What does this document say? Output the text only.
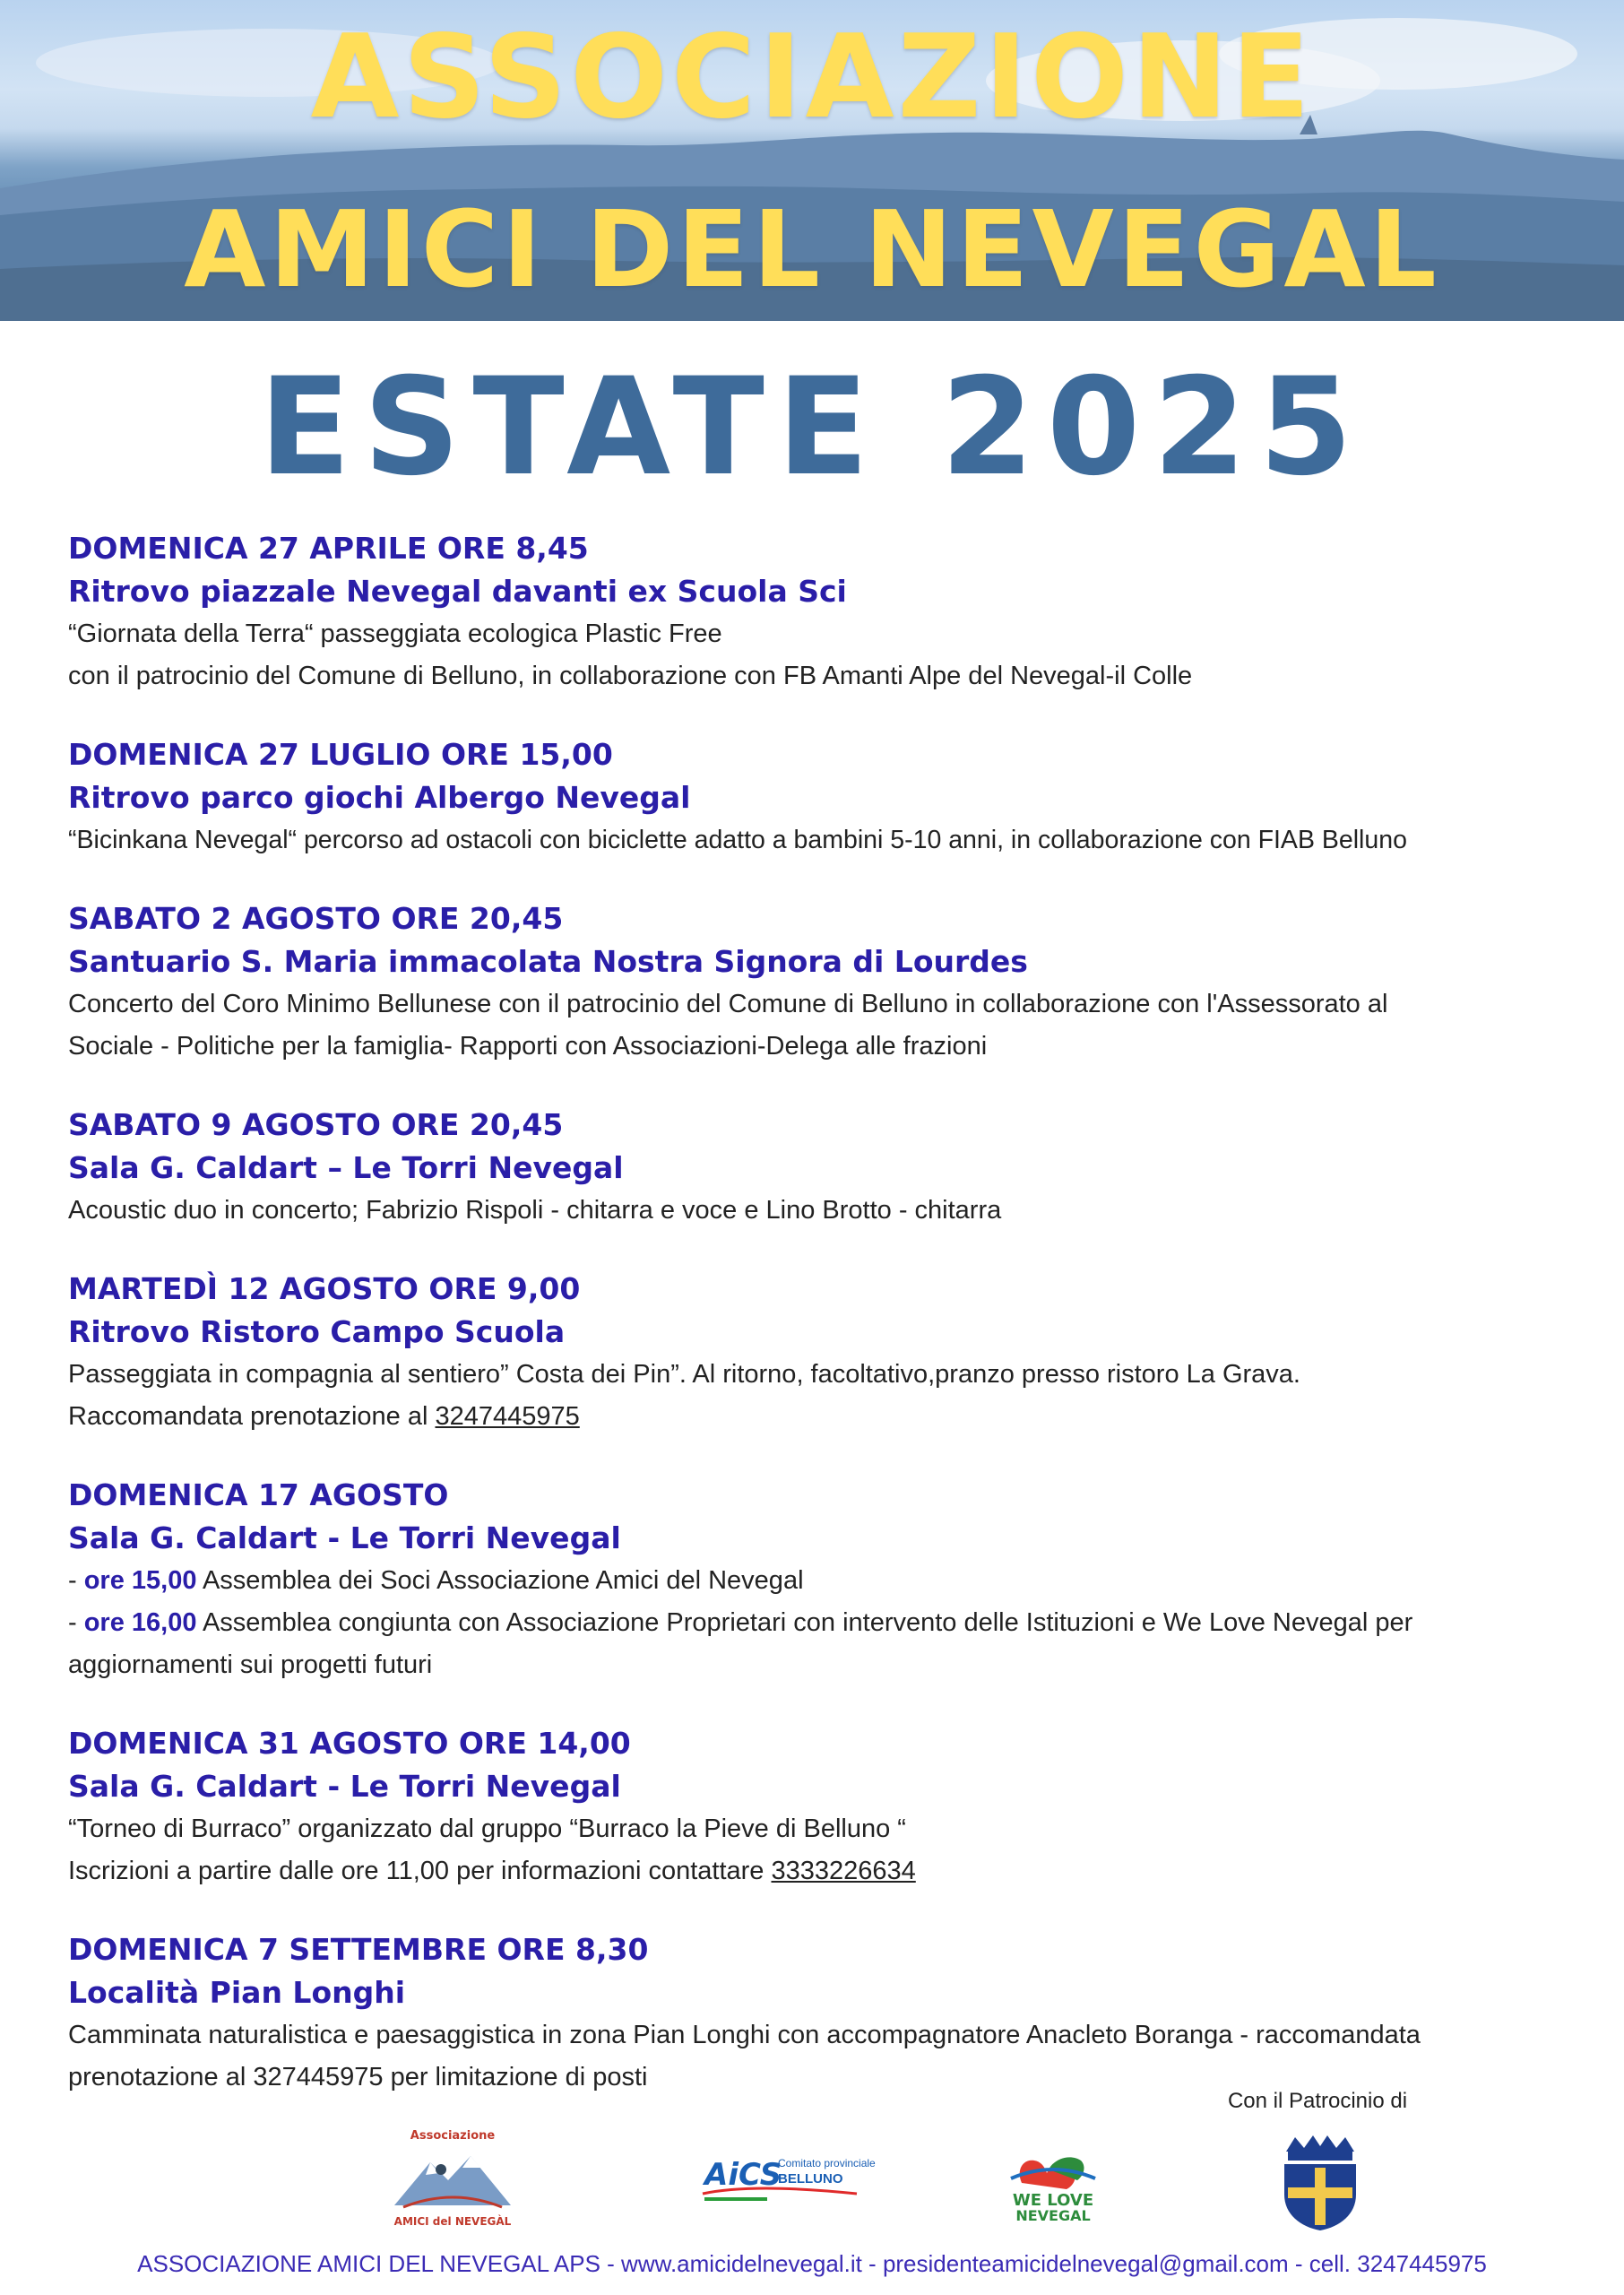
ASSOCIAZIONE
AMICI DEL NEVEGAL
ESTATE 2025
DOMENICA 27 APRILE ORE 8,45
Ritrovo piazzale Nevegal davanti ex Scuola Sci
“Giornata della Terra“ passeggiata ecologica Plastic Free
con il patrocinio del Comune di Belluno, in collaborazione con FB Amanti Alpe del Nevegal-il Colle
DOMENICA 27 LUGLIO ORE 15,00
Ritrovo parco giochi Albergo Nevegal
“Bicinkana Nevegal“ percorso ad ostacoli con biciclette adatto a bambini 5-10 anni, in collaborazione con FIAB Belluno
SABATO 2 AGOSTO ORE 20,45
Santuario S. Maria immacolata Nostra Signora di Lourdes
Concerto del Coro Minimo Bellunese con il patrocinio del Comune di Belluno in collaborazione con l'Assessorato al
Sociale - Politiche per la famiglia- Rapporti con Associazioni-Delega alle frazioni
SABATO 9 AGOSTO ORE 20,45
Sala G. Caldart – Le Torri Nevegal
Acoustic duo in concerto; Fabrizio Rispoli - chitarra e voce e Lino Brotto - chitarra
MARTEDÌ 12 AGOSTO ORE 9,00
Ritrovo Ristoro Campo Scuola
Passeggiata in compagnia al sentiero” Costa dei Pin”. Al ritorno, facoltativo,pranzo presso ristoro La Grava.
Raccomandata prenotazione al 3247445975
DOMENICA 17 AGOSTO
Sala G. Caldart - Le Torri Nevegal
- ore 15,00 Assemblea dei Soci Associazione Amici del Nevegal
- ore 16,00 Assemblea congiunta con Associazione Proprietari con intervento delle Istituzioni e We Love Nevegal per
aggiornamenti sui progetti futuri
DOMENICA 31 AGOSTO ORE 14,00
Sala G. Caldart - Le Torri Nevegal
“Torneo di Burraco” organizzato dal gruppo “Burraco la Pieve di Belluno “
Iscrizioni a partire dalle ore 11,00 per informazioni contattare 3333226634
DOMENICA 7 SETTEMBRE ORE 8,30
Località Pian Longhi
Camminata naturalistica e paesaggistica in zona Pian Longhi con accompagnatore Anacleto Boranga - raccomandata
prenotazione al 327445975 per limitazione di posti
Con il Patrocinio di
Associazione
AMICI del NEVEGÀL
AiCS
Comitato provinciale
BELLUNO
WE LOVE
NEVEGAL
ASSOCIAZIONE AMICI DEL NEVEGAL APS - www.amicidelnevegal.it - presidenteamicidelnevegal@gmail.com - cell. 3247445975
